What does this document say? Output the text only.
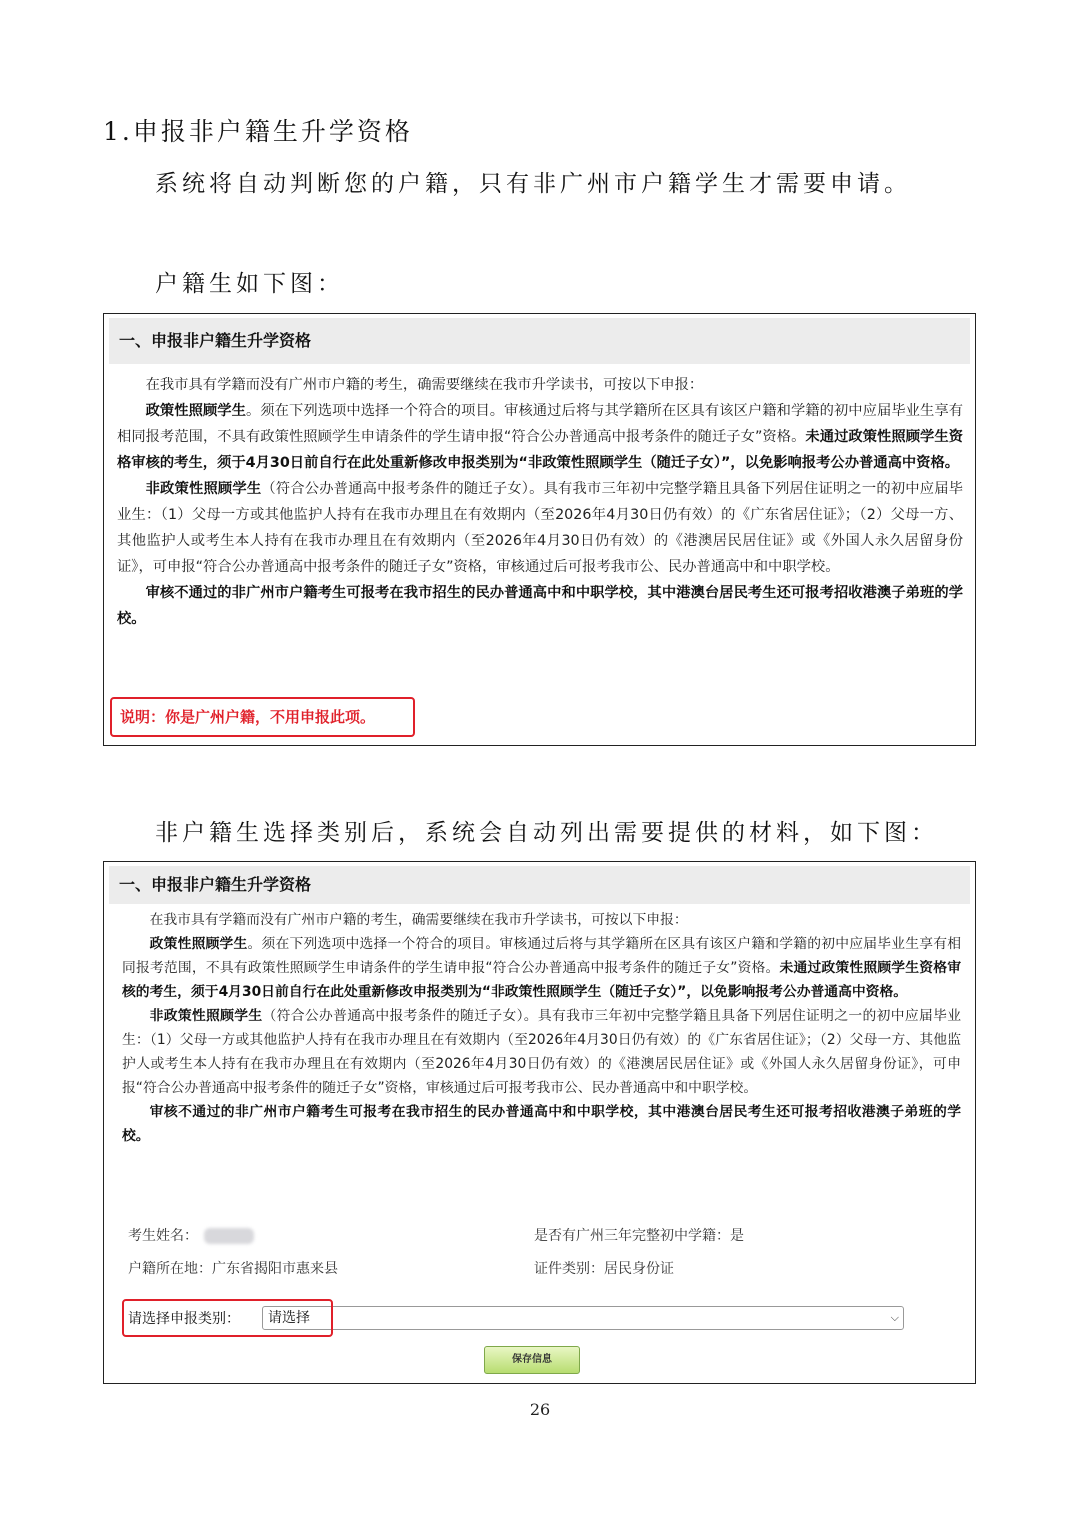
1.申报非户籍生升学资格
系统将自动判断您的户籍，只有非广州市户籍学生才需要申请。
户籍生如下图：
一、申报非户籍生升学资格

在我市具有学籍而没有广州市户籍的考生，确需要继续在我市升学读书，可按以下申报：

政策性照顾学生。须在下列选项中选择一个符合的项目。审核通过后将与其学籍所在区具有该区户籍和学籍的初中应届毕业生享有相同报考范围，不具有政策性照顾学生申请条件的学生请申报“符合公办普通高中报考条件的随迁子女”资格。未通过政策性照顾学生资格审核的考生，须于4月30日前自行在此处重新修改申报类别为“非政策性照顾学生（随迁子女）”，以免影响报考公办普通高中资格。

非政策性照顾学生（符合公办普通高中报考条件的随迁子女）。具有我市三年初中完整学籍且具备下列居住证明之一的初中应届毕业生：（1）父母一方或其他监护人持有在我市办理且在有效期内（至2026年4月30日仍有效）的《广东省居住证》；（2）父母一方、其他监护人或考生本人持有在我市办理且在有效期内（至2026年4月30日仍有效）的《港澳居民居住证》或《外国人永久居留身份证》，可申报“符合公办普通高中报考条件的随迁子女”资格，审核通过后可报考我市公、民办普通高中和中职学校。

审核不通过的非广州市户籍考生可报考在我市招生的民办普通高中和中职学校，其中港澳台居民考生还可报考招收港澳子弟班的学校。

说明：你是广州户籍，不用申报此项。
非户籍生选择类别后，系统会自动列出需要提供的材料，如下图：
一、申报非户籍生升学资格

在我市具有学籍而没有广州市户籍的考生，确需要继续在我市升学读书，可按以下申报：

政策性照顾学生。须在下列选项中选择一个符合的项目。审核通过后将与其学籍所在区具有该区户籍和学籍的初中应届毕业生享有相同报考范围，不具有政策性照顾学生申请条件的学生请申报“符合公办普通高中报考条件的随迁子女”资格。未通过政策性照顾学生资格审核的考生，须于4月30日前自行在此处重新修改申报类别为“非政策性照顾学生（随迁子女）”，以免影响报考公办普通高中资格。

非政策性照顾学生（符合公办普通高中报考条件的随迁子女）。具有我市三年初中完整学籍且具备下列居住证明之一的初中应届毕业生：（1）父母一方或其他监护人持有在我市办理且在有效期内（至2026年4月30日仍有效）的《广东省居住证》；（2）父母一方、其他监护人或考生本人持有在我市办理且在有效期内（至2026年4月30日仍有效）的《港澳居民居住证》或《外国人永久居留身份证》，可申报“符合公办普通高中报考条件的随迁子女”资格，审核通过后可报考我市公、民办普通高中和中职学校。

审核不通过的非广州市户籍考生可报考在我市招生的民办普通高中和中职学校，其中港澳台居民考生还可报考招收港澳子弟班的学校。

考生姓名：	是否有广州三年完整初中学籍：是
户籍所在地：广东省揭阳市惠来县	证件类别：居民身份证
请选择申报类别：	请选择	⌵
保存信息
26
